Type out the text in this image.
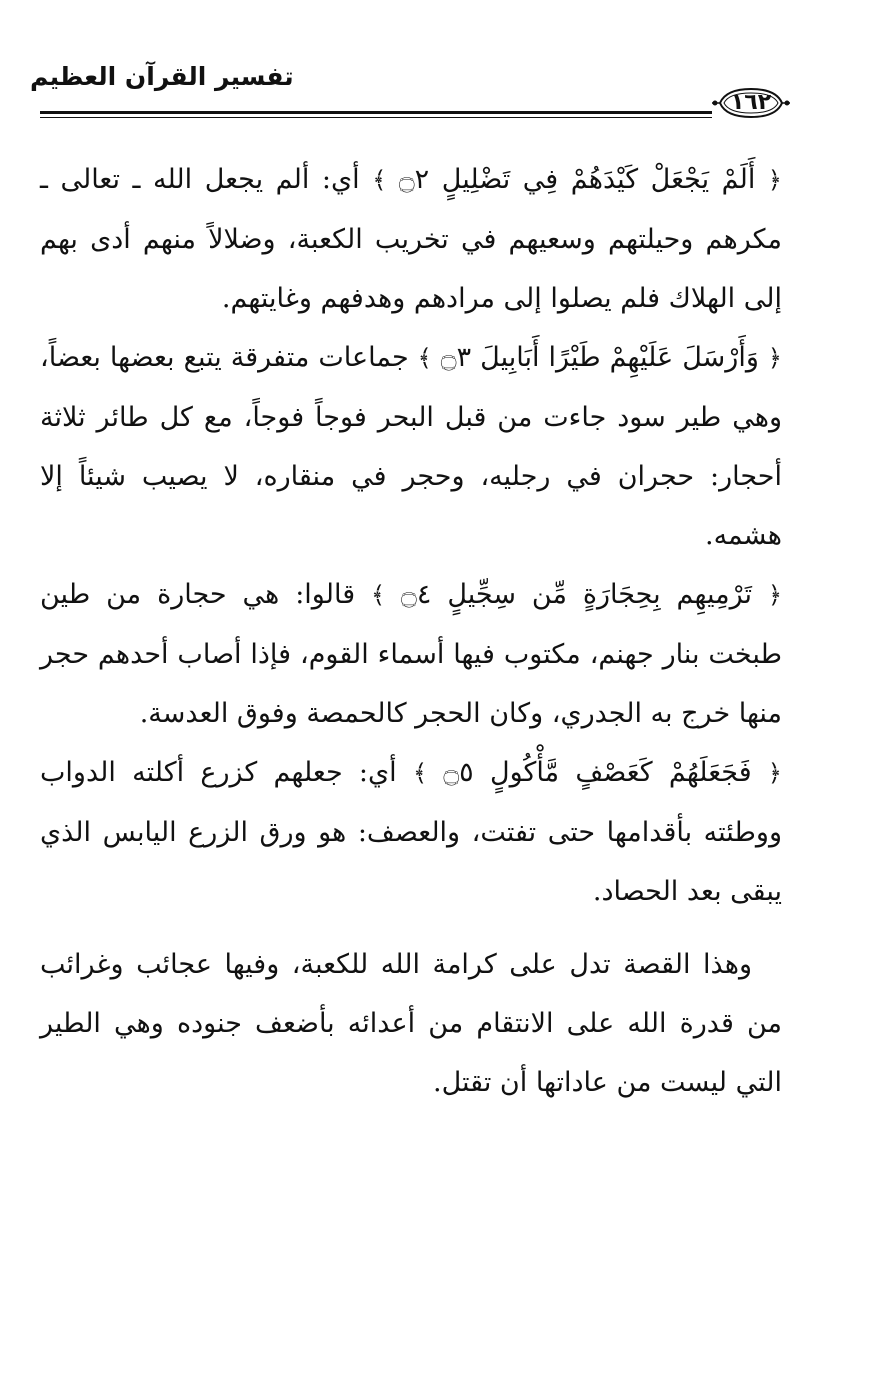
تفسير القرآن العظيم
١٦٢

﴿ أَلَمْ يَجْعَلْ كَيْدَهُمْ فِي تَضْلِيلٍ ۝٢ ﴾ أي: ألم يجعل الله ـ تعالى ـ مكرهم وحيلتهم وسعيهم في تخريب الكعبة، وضلالاً منهم أدى بهم إلى الهلاك فلم يصلوا إلى مرادهم وهدفهم وغايتهم.

﴿ وَأَرْسَلَ عَلَيْهِمْ طَيْرًا أَبَابِيلَ ۝٣ ﴾ جماعات متفرقة يتبع بعضها بعضاً، وهي طير سود جاءت من قبل البحر فوجاً فوجاً، مع كل طائر ثلاثة أحجار: حجران في رجليه، وحجر في منقاره، لا يصيب شيئاً إلا هشمه.

﴿ تَرْمِيهِم بِحِجَارَةٍ مِّن سِجِّيلٍ ۝٤ ﴾ قالوا: هي حجارة من طين طبخت بنار جهنم، مكتوب فيها أسماء القوم، فإذا أصاب أحدهم حجر منها خرج به الجدري، وكان الحجر كالحمصة وفوق العدسة.

﴿ فَجَعَلَهُمْ كَعَصْفٍ مَّأْكُولٍ ۝٥ ﴾ أي: جعلهم كزرع أكلته الدواب ووطئته بأقدامها حتى تفتت، والعصف: هو ورق الزرع اليابس الذي يبقى بعد الحصاد.

وهذا القصة تدل على كرامة الله للكعبة، وفيها عجائب وغرائب من قدرة الله على الانتقام من أعدائه بأضعف جنوده وهي الطير التي ليست من عاداتها أن تقتل.
